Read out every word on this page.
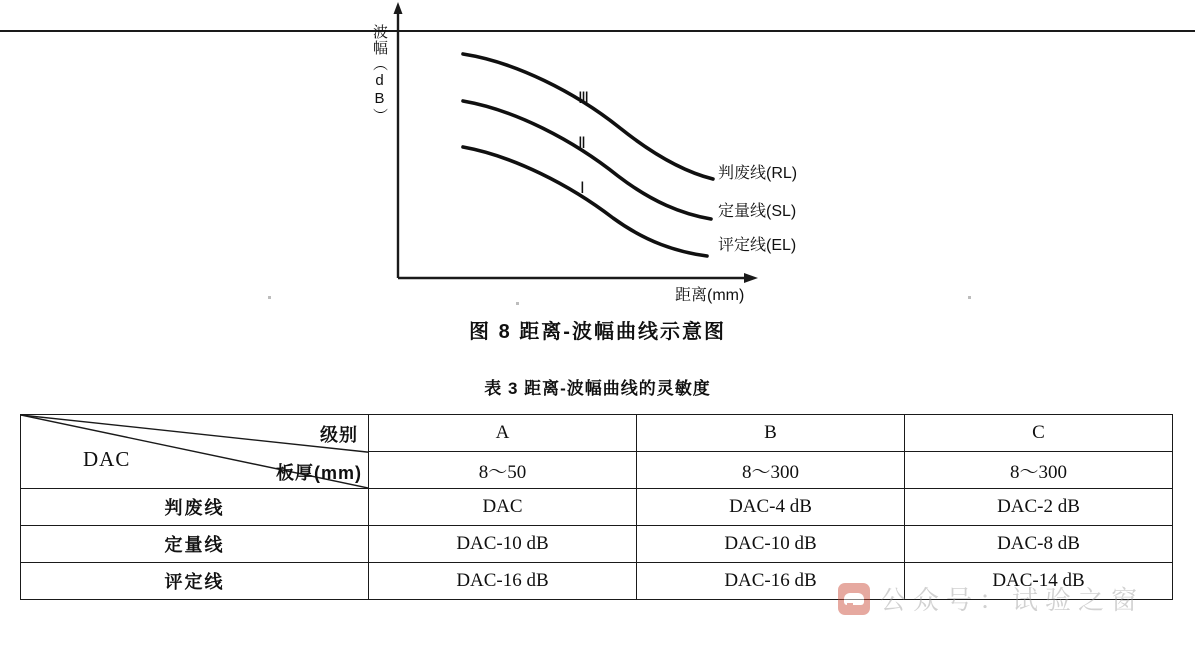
波幅（dB）
距离(mm)
Ⅲ
Ⅱ
Ⅰ
判废线(RL)
定量线(SL)
评定线(EL)
图 8 距离-波幅曲线示意图
表 3 距离-波幅曲线的灵敏度
级别
板厚(mm)
DAC	A	B	C
	8～50	8～300	8～300
判废线	DAC	DAC-4 dB	DAC-2 dB
定量线	DAC-10 dB	DAC-10 dB	DAC-8 dB
评定线	DAC-16 dB	DAC-16 dB	DAC-14 dB
公众号：试验之窗
